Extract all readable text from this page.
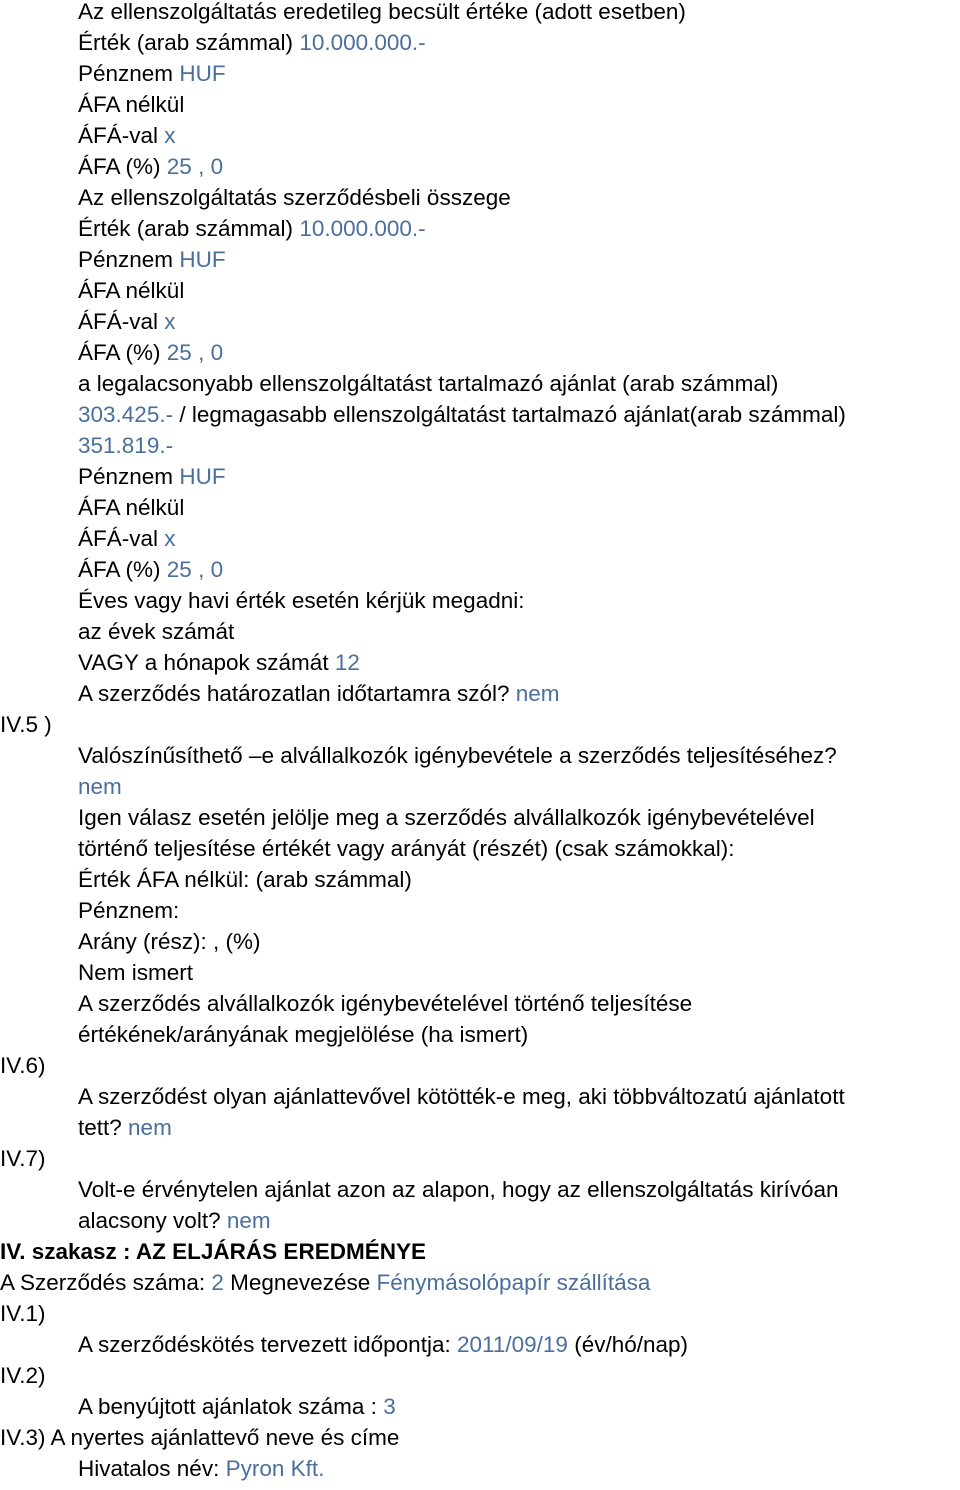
Az ellenszolgáltatás eredetileg becsült értéke (adott esetben)
Érték (arab számmal) 10.000.000.-
Pénznem HUF
ÁFA nélkül
ÁFÁ-val x
ÁFA (%) 25 , 0
Az ellenszolgáltatás szerződésbeli összege
Érték (arab számmal) 10.000.000.-
Pénznem HUF
ÁFA nélkül
ÁFÁ-val x
ÁFA (%) 25 , 0
a legalacsonyabb ellenszolgáltatást tartalmazó ajánlat (arab számmal)
303.425.- / legmagasabb ellenszolgáltatást tartalmazó ajánlat(arab számmal)
351.819.-
Pénznem HUF
ÁFA nélkül
ÁFÁ-val x
ÁFA (%) 25 , 0
Éves vagy havi érték esetén kérjük megadni:
az évek számát
VAGY a hónapok számát 12
A szerződés határozatlan időtartamra szól? nem
IV.5 )
Valószínűsíthető –e alvállalkozók igénybevétele a szerződés teljesítéséhez?
nem
Igen válasz esetén jelölje meg a szerződés alvállalkozók igénybevételével
történő teljesítése értékét vagy arányát (részét) (csak számokkal):
Érték ÁFA nélkül: (arab számmal)
Pénznem:
Arány (rész): , (%)
Nem ismert
A szerződés alvállalkozók igénybevételével történő teljesítése
értékének/arányának megjelölése (ha ismert)
IV.6)
A szerződést olyan ajánlattevővel kötötték-e meg, aki többváltozatú ajánlatott
tett? nem
IV.7)
Volt-e érvénytelen ajánlat azon az alapon, hogy az ellenszolgáltatás kirívóan
alacsony volt? nem
IV. szakasz : AZ ELJÁRÁS EREDMÉNYE
A Szerződés száma: 2 Megnevezése Fénymásolópapír szállítása
IV.1)
A szerződéskötés tervezett időpontja: 2011/09/19 (év/hó/nap)
IV.2)
A benyújtott ajánlatok száma : 3
IV.3) A nyertes ajánlattevő neve és címe
Hivatalos név: Pyron Kft.
